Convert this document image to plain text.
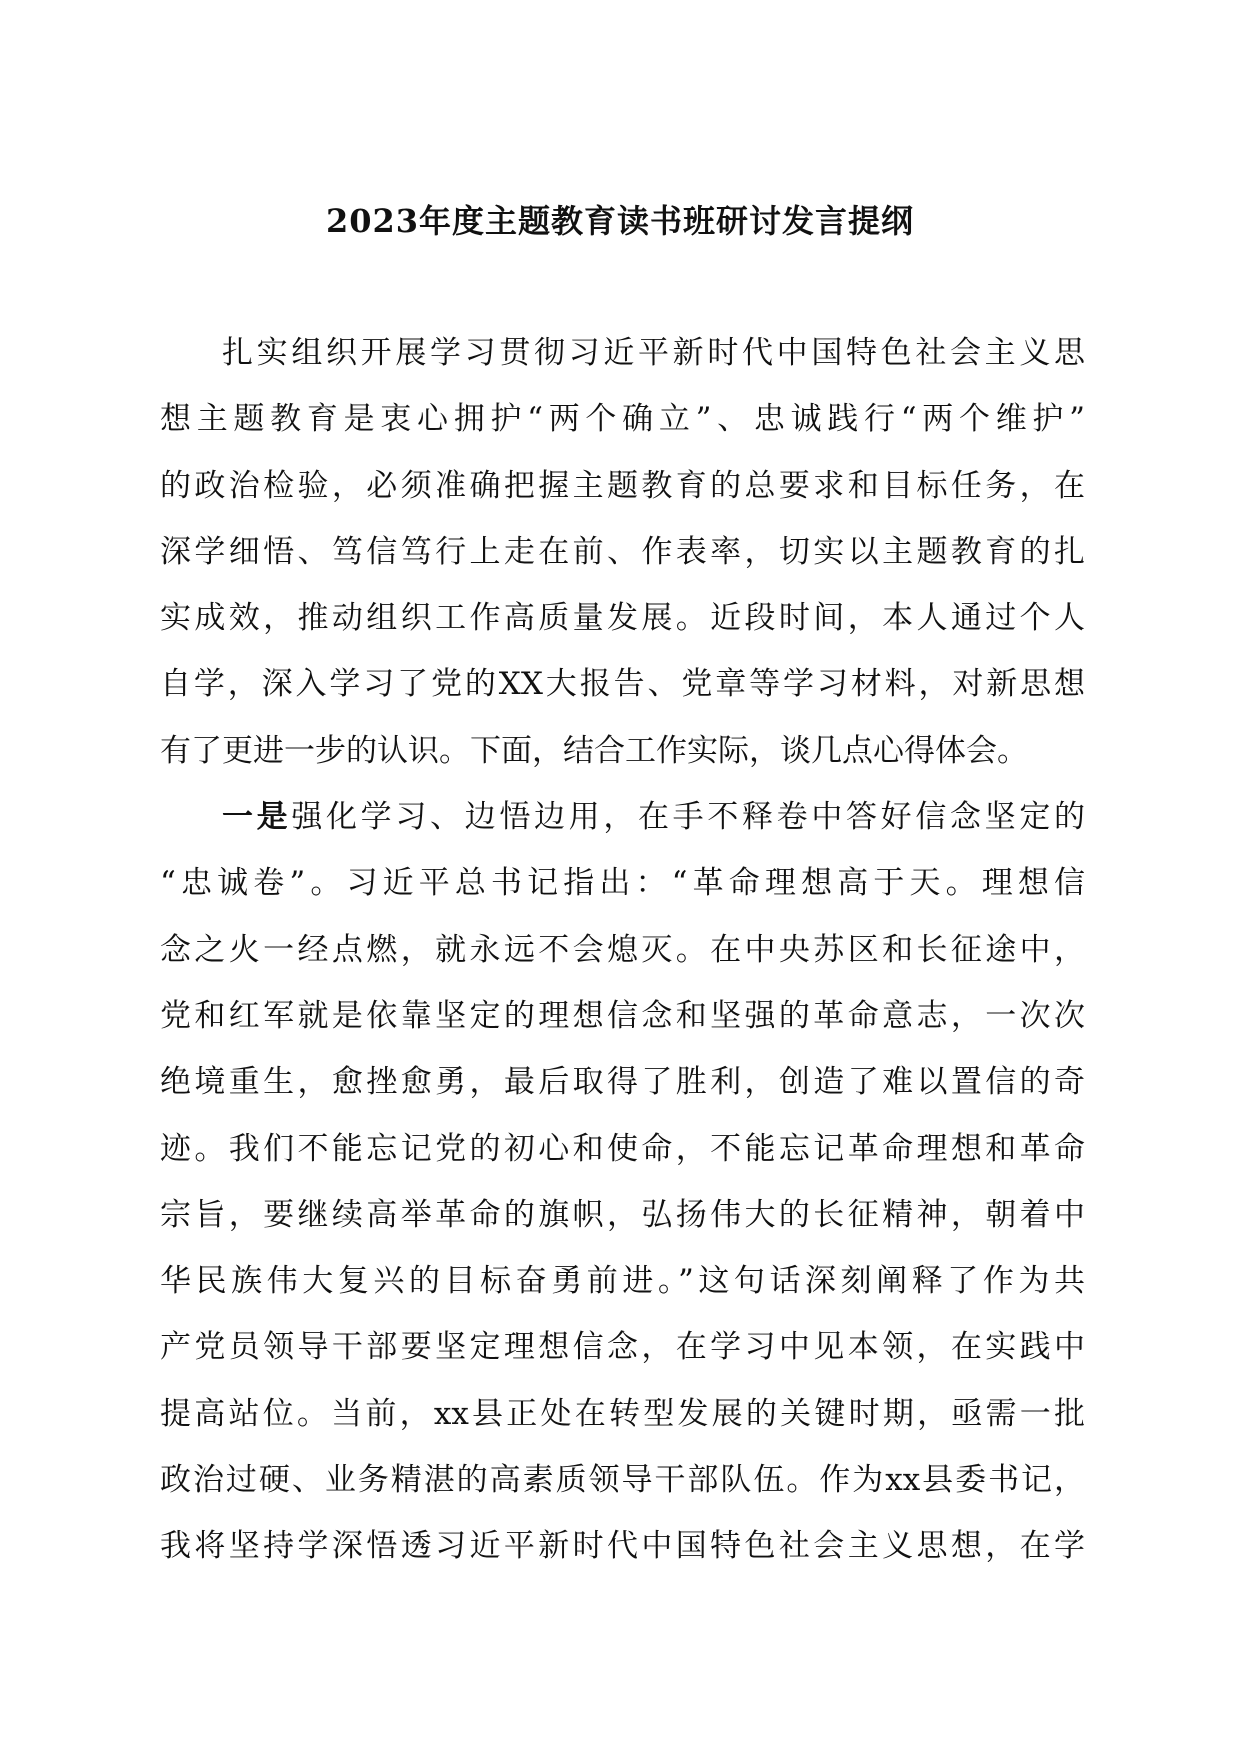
2023年度主题教育读书班研讨发言提纲
扎实组织开展学习贯彻习近平新时代中国特色社会主义思
想主题教育是衷心拥护“两个确立”、忠诚践行“两个维护”
的政治检验，必须准确把握主题教育的总要求和目标任务，在
深学细悟、笃信笃行上走在前、作表率，切实以主题教育的扎
实成效，推动组织工作高质量发展。近段时间，本人通过个人
自学，深入学习了党的XX大报告、党章等学习材料，对新思想
有了更进一步的认识。下面，结合工作实际，谈几点心得体会。
一是强化学习、边悟边用，在手不释卷中答好信念坚定的
“忠诚卷”。习近平总书记指出：“革命理想高于天。理想信
念之火一经点燃，就永远不会熄灭。在中央苏区和长征途中，
党和红军就是依靠坚定的理想信念和坚强的革命意志，一次次
绝境重生，愈挫愈勇，最后取得了胜利，创造了难以置信的奇
迹。我们不能忘记党的初心和使命，不能忘记革命理想和革命
宗旨，要继续高举革命的旗帜，弘扬伟大的长征精神，朝着中
华民族伟大复兴的目标奋勇前进。”这句话深刻阐释了作为共
产党员领导干部要坚定理想信念，在学习中见本领，在实践中
提高站位。当前，xx县正处在转型发展的关键时期，亟需一批
政治过硬、业务精湛的高素质领导干部队伍。作为xx县委书记，
我将坚持学深悟透习近平新时代中国特色社会主义思想，在学
